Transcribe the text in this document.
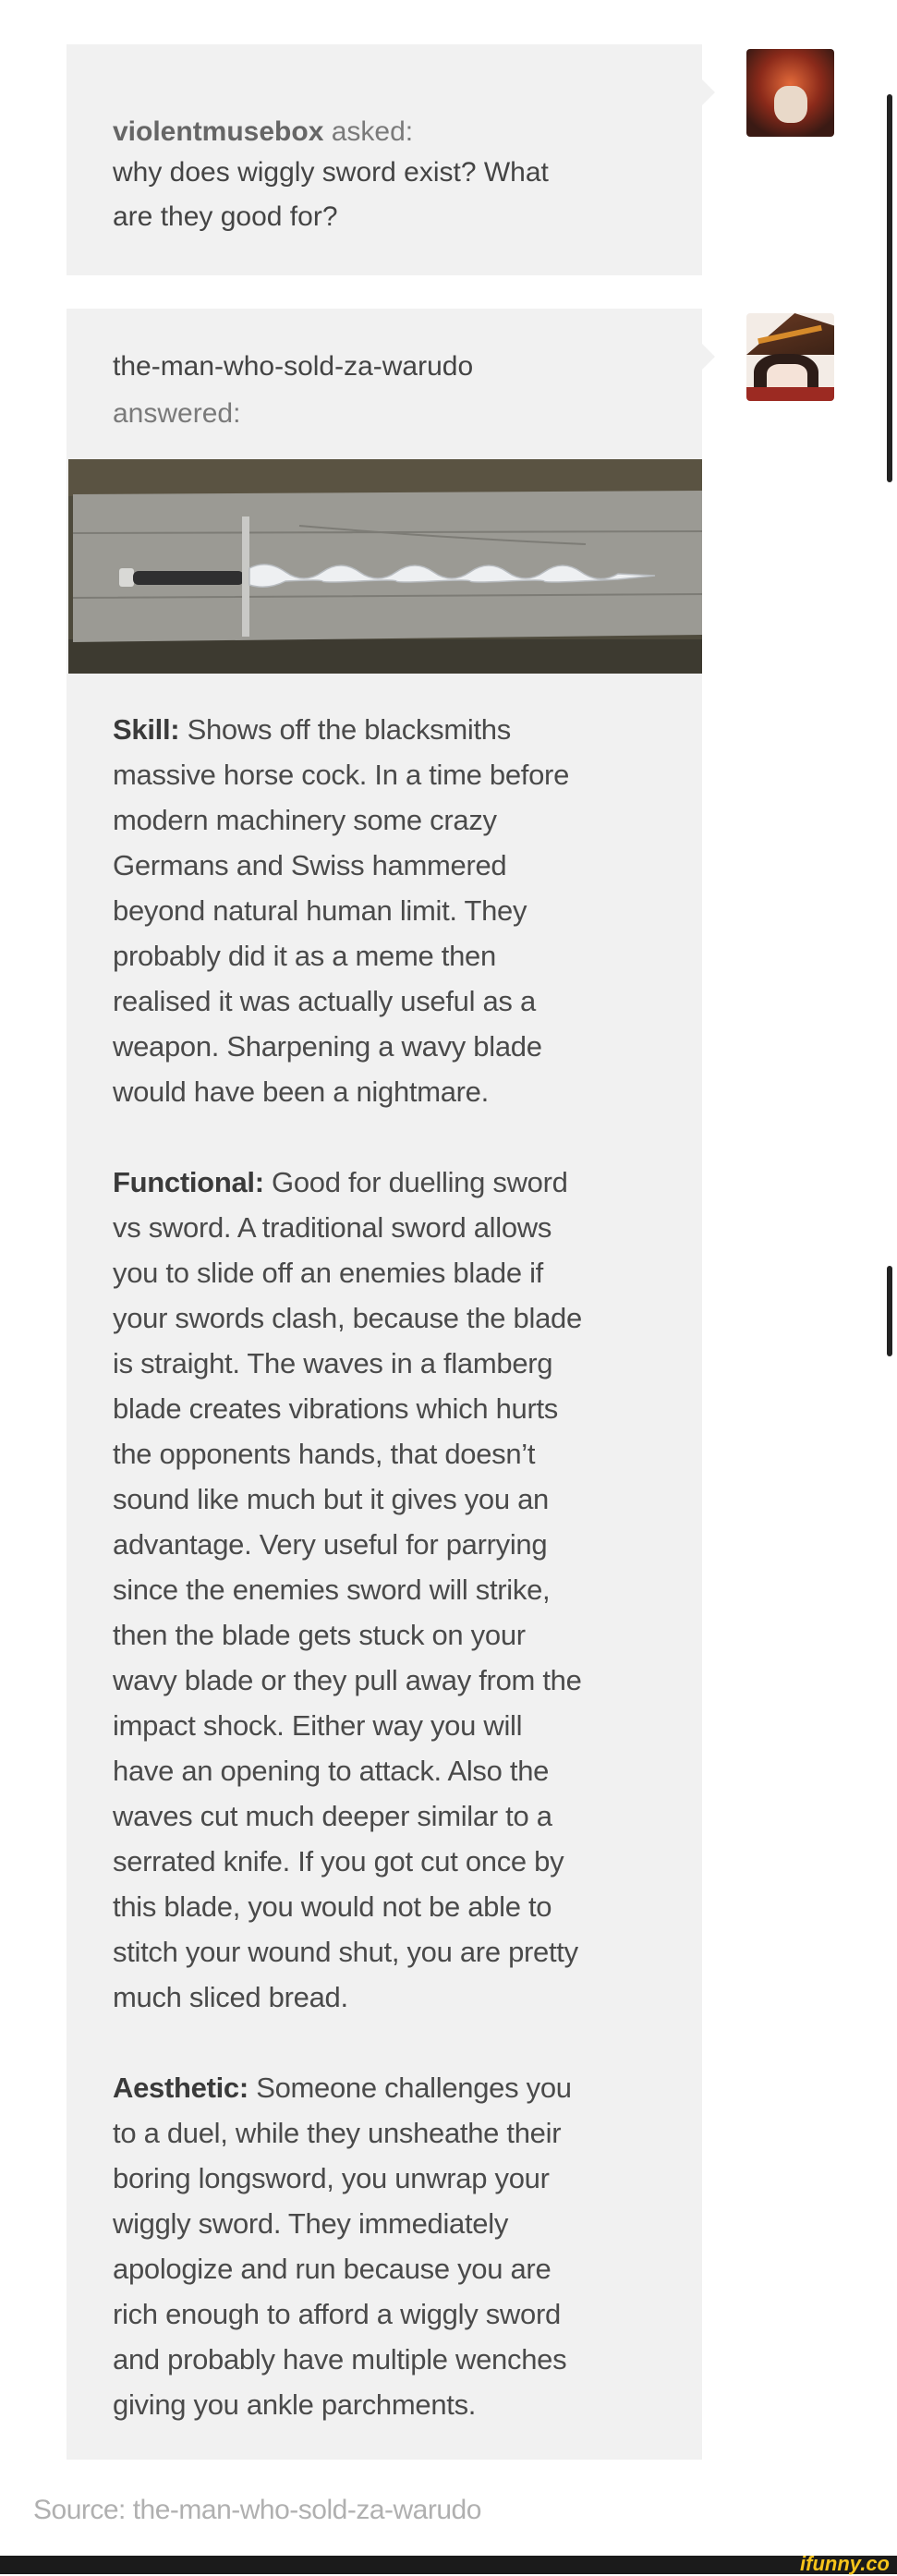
violentmusebox asked:
why does wiggly sword exist? What
are they good for?
the-man-who-sold-za-warudo
answered:
Skill: Shows off the blacksmiths
massive horse cock. In a time before
modern machinery some crazy
Germans and Swiss hammered
beyond natural human limit. They
probably did it as a meme then
realised it was actually useful as a
weapon. Sharpening a wavy blade
would have been a nightmare.
Functional: Good for duelling sword
vs sword. A traditional sword allows
you to slide off an enemies blade if
your swords clash, because the blade
is straight. The waves in a flamberg
blade creates vibrations which hurts
the opponents hands, that doesn’t
sound like much but it gives you an
advantage. Very useful for parrying
since the enemies sword will strike,
then the blade gets stuck on your
wavy blade or they pull away from the
impact shock. Either way you will
have an opening to attack. Also the
waves cut much deeper similar to a
serrated knife. If you got cut once by
this blade, you would not be able to
stitch your wound shut, you are pretty
much sliced bread.
Aesthetic: Someone challenges you
to a duel, while they unsheathe their
boring longsword, you unwrap your
wiggly sword. They immediately
apologize and run because you are
rich enough to afford a wiggly sword
and probably have multiple wenches
giving you ankle parchments.
Source: the-man-who-sold-za-warudo
ifunny.co
